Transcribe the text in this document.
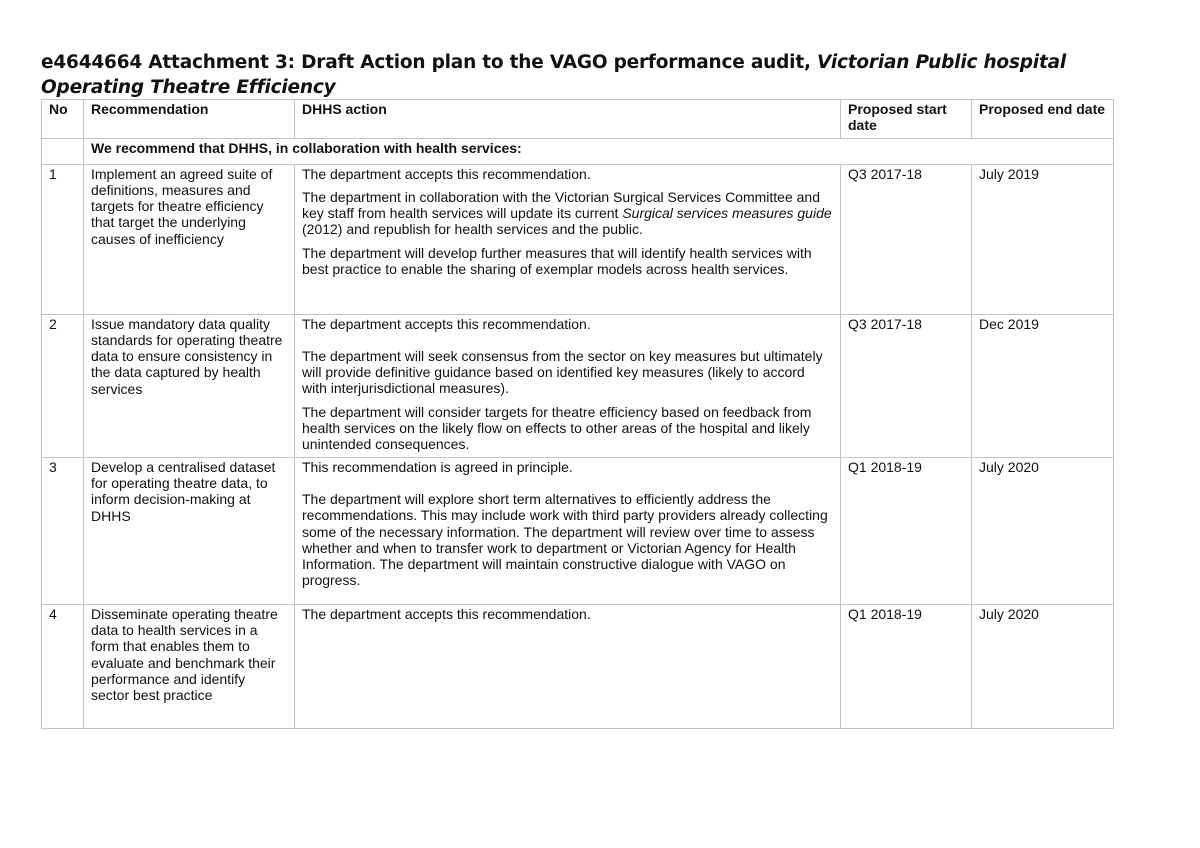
e4644664 Attachment 3: Draft Action plan to the VAGO performance audit, Victorian Public hospital Operating Theatre Efficiency
No	Recommendation	DHHS action	Proposed start date	Proposed end date
	We recommend that DHHS, in collaboration with health services:			
1	Implement an agreed suite of definitions, measures and targets for theatre efficiency that target the underlying causes of inefficiency	The department accepts this recommendation.

The department in collaboration with the Victorian Surgical Services Committee and key staff from health services will update its current Surgical services measures guide (2012) and republish for health services and the public.

The department will develop further measures that will identify health services with best practice to enable the sharing of exemplar models across health services.	Q3 2017-18	July 2019
2	Issue mandatory data quality standards for operating theatre data to ensure consistency in the data captured by health services	The department accepts this recommendation.

The department will seek consensus from the sector on key measures but ultimately will provide definitive guidance based on identified key measures (likely to accord with interjurisdictional measures).

The department will consider targets for theatre efficiency based on feedback from health services on the likely flow on effects to other areas of the hospital and likely unintended consequences.	Q3 2017-18	Dec 2019
3	Develop a centralised dataset for operating theatre data, to inform decision-making at DHHS	This recommendation is agreed in principle.

The department will explore short term alternatives to efficiently address the recommendations. This may include work with third party providers already collecting some of the necessary information. The department will review over time to assess whether and when to transfer work to department or Victorian Agency for Health Information. The department will maintain constructive dialogue with VAGO on progress.	Q1 2018-19	July 2020
4	Disseminate operating theatre data to health services in a form that enables them to evaluate and benchmark their performance and identify sector best practice	The department accepts this recommendation.	Q1 2018-19	July 2020
